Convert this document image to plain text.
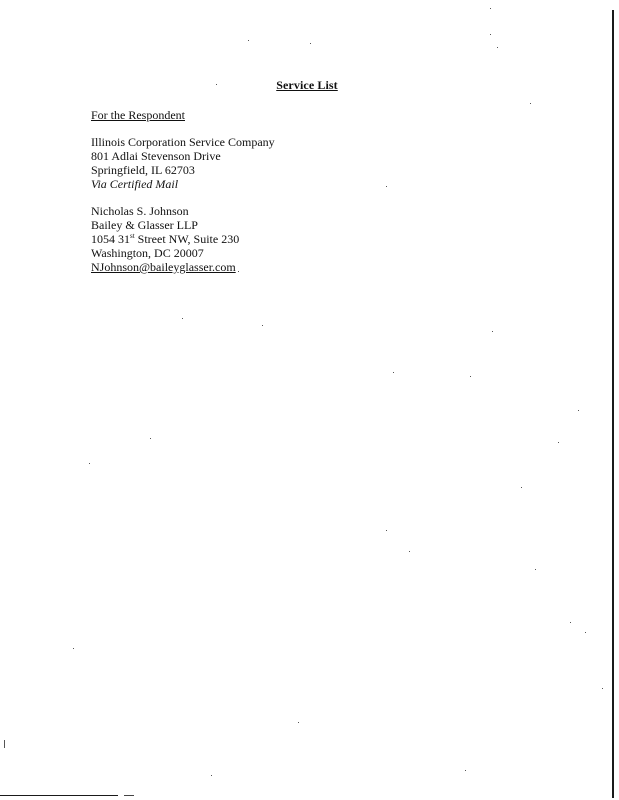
Service List
For the Respondent
Illinois Corporation Service Company
801 Adlai Stevenson Drive
Springfield, IL 62703
Via Certified Mail
Nicholas S. Johnson
Bailey & Glasser LLP
1054 31st Street NW, Suite 230
Washington, DC 20007
NJohnson@baileyglasser.com
